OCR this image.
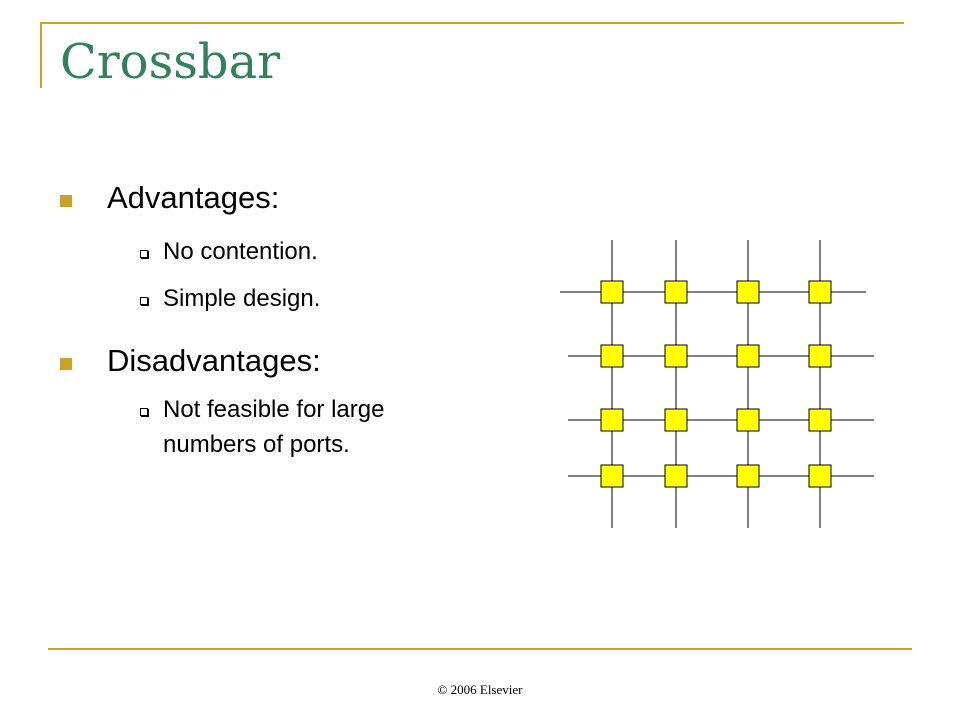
Crossbar
Advantages:
No contention.
Simple design.
Disadvantages:
Not feasible for large numbers of ports.
© 2006 Elsevier
